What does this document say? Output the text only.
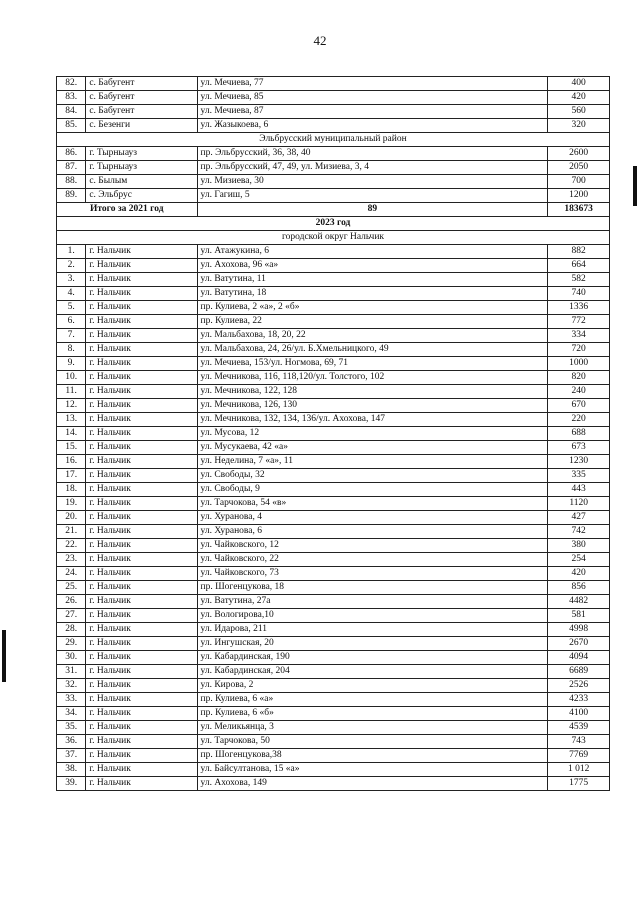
42
82.	с. Бабугент	ул. Мечиева, 77	400
83.	с. Бабугент	ул. Мечиева, 85	420
84.	с. Бабугент	ул. Мечиева, 87	560
85.	с. Безенги	ул. Жазыкоева, 6	320
Эльбрусский муниципальный район			
86.	г. Тырныауз	пр. Эльбрусский, 36, 38, 40	2600
87.	г. Тырныауз	пр. Эльбрусский, 47, 49, ул. Мизиева, 3, 4	2050
88.	с. Былым	ул. Мизиева, 30	700
89.	с. Эльбрус	ул. Гагиш, 5	1200
Итого за 2021 год		89	183673
2023 год			
городской округ Нальчик			
1.	г. Нальчик	ул. Атажукина, 6	882
2.	г. Нальчик	ул. Ахохова, 96 «а»	664
3.	г. Нальчик	ул. Ватутина, 11	582
4.	г. Нальчик	ул. Ватутина, 18	740
5.	г. Нальчик	пр. Кулиева, 2 «а», 2 «б»	1336
6.	г. Нальчик	пр. Кулиева, 22	772
7.	г. Нальчик	ул. Мальбахова, 18, 20, 22	334
8.	г. Нальчик	ул. Мальбахова, 24, 26/ул. Б.Хмельницкого, 49	720
9.	г. Нальчик	ул. Мечиева, 153/ул. Ногмова, 69, 71	1000
10.	г. Нальчик	ул. Мечникова, 116, 118,120/ул. Толстого, 102	820
11.	г. Нальчик	ул. Мечникова, 122, 128	240
12.	г. Нальчик	ул. Мечникова, 126, 130	670
13.	г. Нальчик	ул. Мечникова, 132, 134, 136/ул. Ахохова, 147	220
14.	г. Нальчик	ул. Мусова, 12	688
15.	г. Нальчик	ул. Мусукаева, 42 «а»	673
16.	г. Нальчик	ул. Неделина, 7 «а», 11	1230
17.	г. Нальчик	ул. Свободы, 32	335
18.	г. Нальчик	ул. Свободы, 9	443
19.	г. Нальчик	ул. Тарчокова, 54 «в»	1120
20.	г. Нальчик	ул. Хуранова, 4	427
21.	г. Нальчик	ул. Хуранова, 6	742
22.	г. Нальчик	ул. Чайковского, 12	380
23.	г. Нальчик	ул. Чайковского, 22	254
24.	г. Нальчик	ул. Чайковского, 73	420
25.	г. Нальчик	пр. Шогенцукова, 18	856
26.	г. Нальчик	ул. Ватутина, 27а	4482
27.	г. Нальчик	ул. Вологирова,10	581
28.	г. Нальчик	ул. Идарова, 211	4998
29.	г. Нальчик	ул. Ингушская, 20	2670
30.	г. Нальчик	ул. Кабардинская, 190	4094
31.	г. Нальчик	ул. Кабардинская, 204	6689
32.	г. Нальчик	ул. Кирова, 2	2526
33.	г. Нальчик	пр. Кулиева, 6 «а»	4233
34.	г. Нальчик	пр. Кулиева, 6 «б»	4100
35.	г. Нальчик	ул. Меликьянца, 3	4539
36.	г. Нальчик	ул. Тарчокова, 50	743
37.	г. Нальчик	пр. Шогенцукова,38	7769
38.	г. Нальчик	ул. Байсултанова, 15 «а»	1 012
39.	г. Нальчик	ул. Ахохова, 149	1775
